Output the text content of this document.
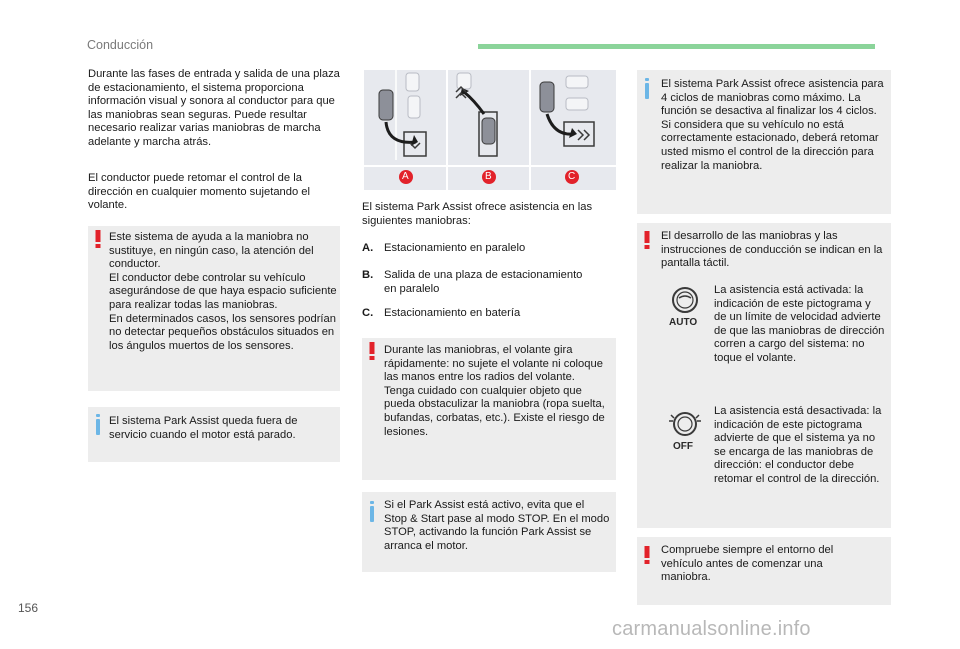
Conducción

Durante las fases de entrada y salida de una plaza de estacionamiento, el sistema proporciona información visual y sonora al conductor para que las maniobras sean seguras. Puede resultar necesario realizar varias maniobras de marcha adelante y marcha atrás.

El conductor puede retomar el control de la dirección en cualquier momento sujetando el volante.

Este sistema de ayuda a la maniobra no sustituye, en ningún caso, la atención del conductor.
El conductor debe controlar su vehículo asegurándose de que haya espacio suficiente para realizar todas las maniobras.
En determinados casos, los sensores podrían no detectar pequeños obstáculos situados en los ángulos muertos de los sensores.
El sistema Park Assist queda fuera de servicio cuando el motor está parado.
A	B	C

El sistema Park Assist ofrece asistencia en las siguientes maniobras:

A. Estacionamiento en paralelo
B. Salida de una plaza de estacionamiento en paralelo
C. Estacionamiento en batería
Durante las maniobras, el volante gira rápidamente: no sujete el volante ni coloque las manos entre los radios del volante.
Tenga cuidado con cualquier objeto que pueda obstaculizar la maniobra (ropa suelta, bufandas, corbatas, etc.). Existe el riesgo de lesiones.
Si el Park Assist está activo, evita que el Stop & Start pase al modo STOP. En el modo STOP, activando la función Park Assist se arranca el motor.
El sistema Park Assist ofrece asistencia para 4 ciclos de maniobras como máximo. La función se desactiva al finalizar los 4 ciclos. Si considera que su vehículo no está correctamente estacionado, deberá retomar usted mismo el control de la dirección para realizar la maniobra.
El desarrollo de las maniobras y las instrucciones de conducción se indican en la pantalla táctil.
AUTO
La asistencia está activada: la indicación de este pictograma y de un límite de velocidad advierte de que las maniobras de dirección corren a cargo del sistema: no toque el volante.
OFF
La asistencia está desactivada: la indicación de este pictograma advierte de que el sistema ya no se encarga de las maniobras de dirección: el conductor debe retomar el control de la dirección.
Compruebe siempre el entorno del vehículo antes de comenzar una maniobra.
156
carmanualsonline.info
